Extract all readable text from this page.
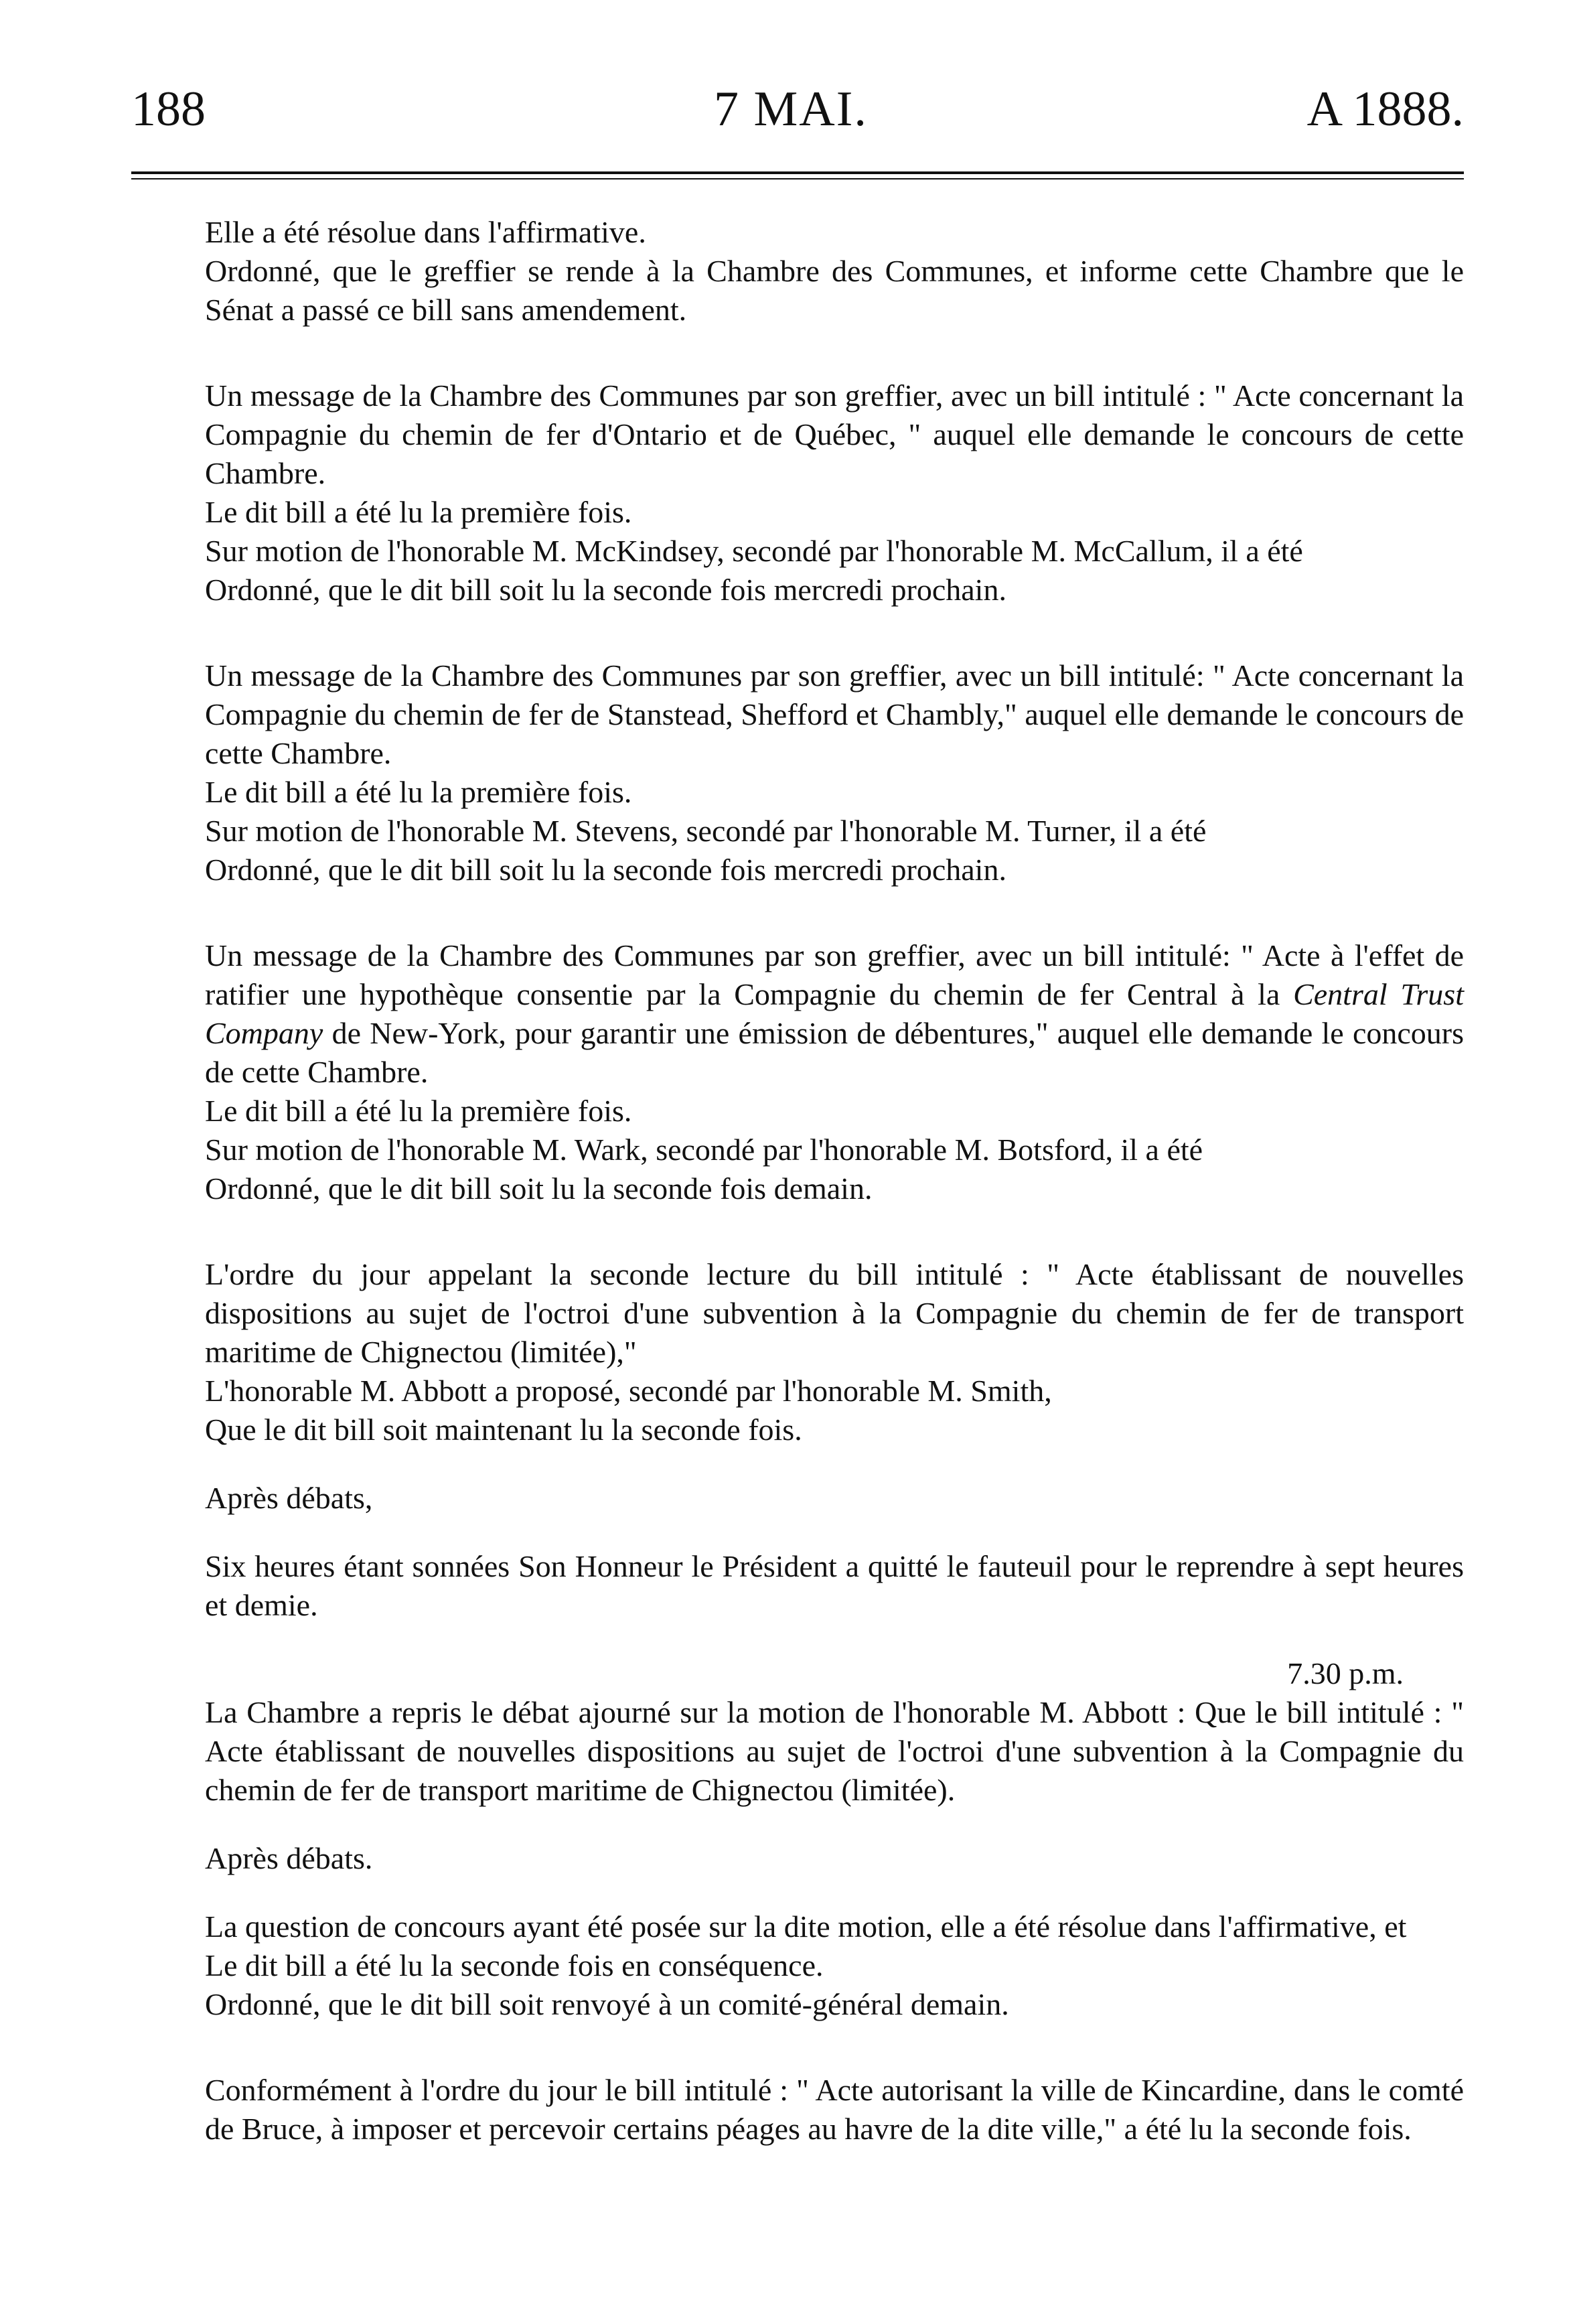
188	7 MAI.	A 1888.

Elle a été résolue dans l'affirmative.

Ordonné, que le greffier se rende à la Chambre des Communes, et informe cette Chambre que le Sénat a passé ce bill sans amendement.

Un message de la Chambre des Communes par son greffier, avec un bill intitulé : " Acte concernant la Compagnie du chemin de fer d'Ontario et de Québec, " auquel elle demande le concours de cette Chambre.

Le dit bill a été lu la première fois.

Sur motion de l'honorable M. McKindsey, secondé par l'honorable M. McCallum, il a été

Ordonné, que le dit bill soit lu la seconde fois mercredi prochain.

Un message de la Chambre des Communes par son greffier, avec un bill intitulé: " Acte concernant la Compagnie du chemin de fer de Stanstead, Shefford et Chambly," auquel elle demande le concours de cette Chambre.

Le dit bill a été lu la première fois.

Sur motion de l'honorable M. Stevens, secondé par l'honorable M. Turner, il a été

Ordonné, que le dit bill soit lu la seconde fois mercredi prochain.

Un message de la Chambre des Communes par son greffier, avec un bill intitulé: " Acte à l'effet de ratifier une hypothèque consentie par la Compagnie du chemin de fer Central à la Central Trust Company de New-York, pour garantir une émission de débentures," auquel elle demande le concours de cette Chambre.

Le dit bill a été lu la première fois.

Sur motion de l'honorable M. Wark, secondé par l'honorable M. Botsford, il a été

Ordonné, que le dit bill soit lu la seconde fois demain.

L'ordre du jour appelant la seconde lecture du bill intitulé : " Acte établissant de nouvelles dispositions au sujet de l'octroi d'une subvention à la Compagnie du chemin de fer de transport maritime de Chignectou (limitée),"

L'honorable M. Abbott a proposé, secondé par l'honorable M. Smith,

Que le dit bill soit maintenant lu la seconde fois.

Après débats,

Six heures étant sonnées Son Honneur le Président a quitté le fauteuil pour le reprendre à sept heures et demie.

7.30 p.m.

La Chambre a repris le débat ajourné sur la motion de l'honorable M. Abbott : Que le bill intitulé : " Acte établissant de nouvelles dispositions au sujet de l'octroi d'une subvention à la Compagnie du chemin de fer de transport maritime de Chignectou (limitée).

Après débats.

La question de concours ayant été posée sur la dite motion, elle a été résolue dans l'affirmative, et

Le dit bill a été lu la seconde fois en conséquence.

Ordonné, que le dit bill soit renvoyé à un comité-général demain.

Conformément à l'ordre du jour le bill intitulé : " Acte autorisant la ville de Kincardine, dans le comté de Bruce, à imposer et percevoir certains péages au havre de la dite ville," a été lu la seconde fois.
